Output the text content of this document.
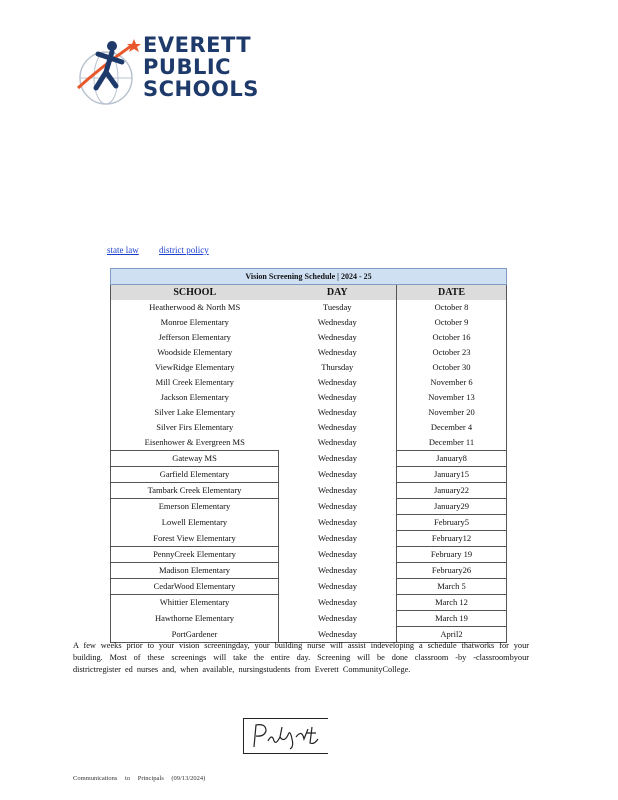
EVERETT
PUBLIC
SCHOOLS
state law district policy
Vision Screening Schedule | 2024 - 25		
SCHOOL	DAY	DATE
Heatherwood & North MS	Tuesday	October 8
Monroe Elementary	Wednesday	October 9
Jefferson Elementary	Wednesday	October 16
Woodside Elementary	Wednesday	October 23
ViewRidge Elementary	Thursday	October 30
Mill Creek Elementary	Wednesday	November 6
Jackson Elementary	Wednesday	November 13
Silver Lake Elementary	Wednesday	November 20
Silver Firs Elementary	Wednesday	December 4
Eisenhower & Evergreen MS	Wednesday	December 11
Gateway MS	Wednesday	January8
Garfield Elementary	Wednesday	January15
Tambark Creek Elementary	Wednesday	January22
Emerson Elementary	Wednesday	January29
Lowell Elementary	Wednesday	February5
Forest View Elementary	Wednesday	February12
PennyCreek Elementary	Wednesday	February 19
Madison Elementary	Wednesday	February26
CedarWood Elementary	Wednesday	March 5
Whittier Elementary	Wednesday	March 12
Hawthorne Elementary	Wednesday	March 19
PortGardener	Wednesday	April2
A few weeks prior to your vision screeningday, your building nurse will assist indeveloping a schedule thatworks for your building. Most of these screenings will take the entire day. Screening will be done classroom -by -classroombyour districtregister ed nurses and, when available, nursingstudents from Everett CommunityCollege.
Communications to Principals (09/13/2024)
